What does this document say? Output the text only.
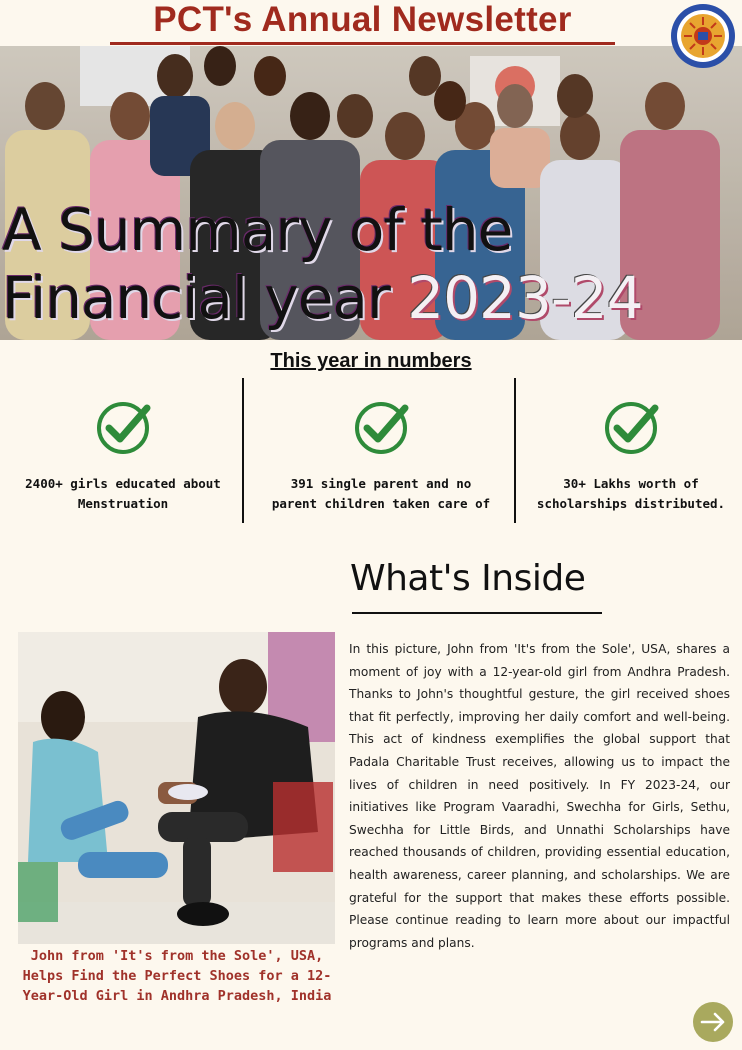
PCT's Annual Newsletter
A Summary of the
Financial year 2023-24
This year in numbers

2400+ girls educated about
Menstruation

391 single parent and no
parent children taken care of

30+ Lakhs worth of
scholarships distributed.

What's Inside

John from 'It's from the Sole', USA, Helps Find the Perfect Shoes for a 12-Year-Old Girl in Andhra Pradesh, India

In this picture, John from 'It's from the Sole', USA, shares a moment of joy with a 12-year-old girl from Andhra Pradesh. Thanks to John's thoughtful gesture, the girl received shoes that fit perfectly, improving her daily comfort and well-being. This act of kindness exemplifies the global support that Padala Charitable Trust receives, allowing us to impact the lives of children in need positively. In FY 2023-24, our initiatives like Program Vaaradhi, Swechha for Girls, Sethu, Swechha for Little Birds, and Unnathi Scholarships have reached thousands of children, providing essential education, health awareness, career planning, and scholarships. We are grateful for the support that makes these efforts possible. Please continue reading to learn more about our impactful programs and plans.
